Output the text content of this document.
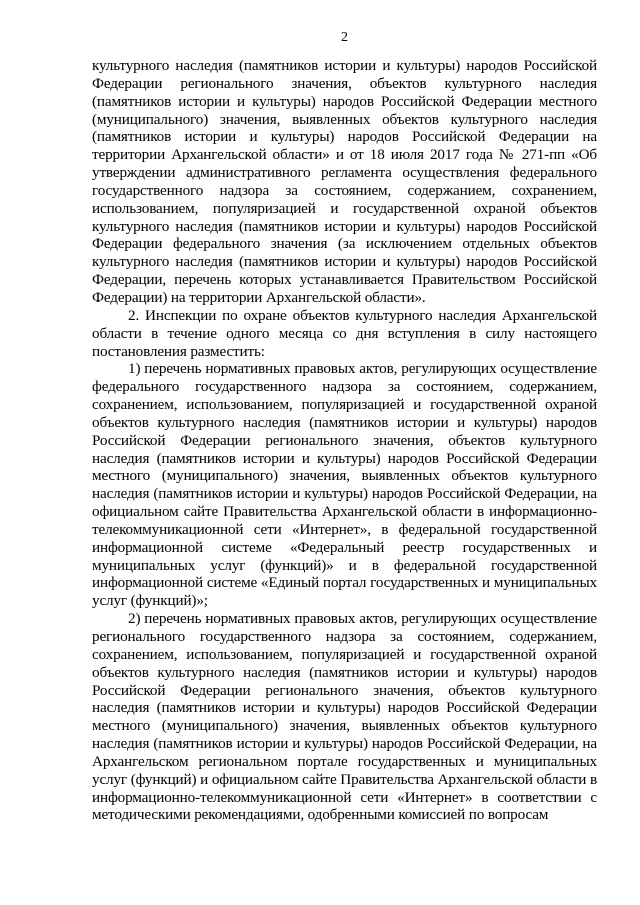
2

культурного наследия (памятников истории и культуры) народов Российской Федерации регионального значения, объектов культурного наследия (памятников истории и культуры) народов Российской Федерации местного (муниципального) значения, выявленных объектов культурного наследия (памятников истории и культуры) народов Российской Федерации на территории Архангельской области» и от 18 июля 2017 года № 271-пп «Об утверждении административного регламента осуществления федерального государственного надзора за состоянием, содержанием, сохранением, использованием, популяризацией и государственной охраной объектов культурного наследия (памятников истории и культуры) народов Российской Федерации федерального значения (за исключением отдельных объектов культурного наследия (памятников истории и культуры) народов Российской Федерации, перечень которых устанавливается Правительством Российской Федерации) на территории Архангельской области».

2. Инспекции по охране объектов культурного наследия Архангельской области в течение одного месяца со дня вступления в силу настоящего постановления разместить:

1) перечень нормативных правовых актов, регулирующих осуществление федерального государственного надзора за состоянием, содержанием, сохранением, использованием, популяризацией и государственной охраной объектов культурного наследия (памятников истории и культуры) народов Российской Федерации регионального значения, объектов культурного наследия (памятников истории и культуры) народов Российской Федерации местного (муниципального) значения, выявленных объектов культурного наследия (памятников истории и культуры) народов Российской Федерации, на официальном сайте Правительства Архангельской области в информационно-телекоммуникационной сети «Интернет», в федеральной государственной информационной системе «Федеральный реестр государственных и муниципальных услуг (функций)» и в федеральной государственной информационной системе «Единый портал государственных и муниципальных услуг (функций)»;

2) перечень нормативных правовых актов, регулирующих осуществление регионального государственного надзора за состоянием, содержанием, сохранением, использованием, популяризацией и государственной охраной объектов культурного наследия (памятников истории и культуры) народов Российской Федерации регионального значения, объектов культурного наследия (памятников истории и культуры) народов Российской Федерации местного (муниципального) значения, выявленных объектов культурного наследия (памятников истории и культуры) народов Российской Федерации, на Архангельском региональном портале государственных и муниципальных услуг (функций) и официальном сайте Правительства Архангельской области в информационно-телекоммуникационной сети «Интернет» в соответствии с методическими рекомендациями, одобренными комиссией по вопросам
